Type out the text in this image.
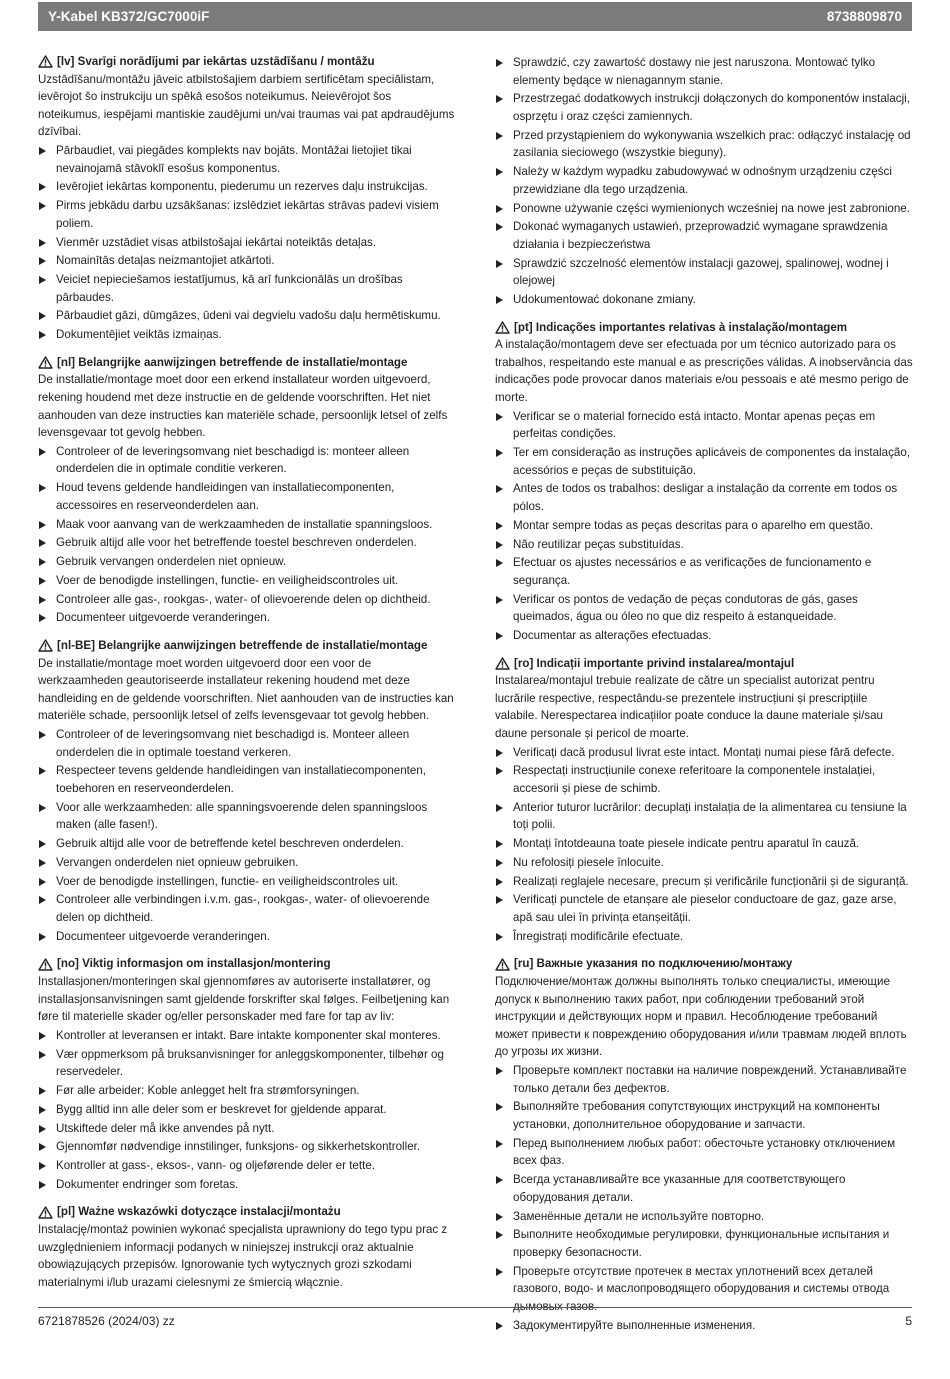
Y-Kabel KB372/GC7000iF	8738809870
[lv] Svarīgi norādījumi par iekārtas uzstādīšanu / montāžu

Uzstādīšanu/montāžu jāveic atbilstošajiem darbiem sertificētam speciālistam, ievērojot šo instrukciju un spēkā esošos noteikumus. Neievērojot šos noteikumus, iespējami mantiskie zaudējumi un/vai traumas vai pat apdraudējums dzīvībai.

Pārbaudiet, vai piegādes komplekts nav bojāts. Montāžai lietojiet tikai nevainojamā stāvoklī esošus komponentus.
Ievērojiet iekārtas komponentu, piederumu un rezerves daļu instrukcijas.
Pirms jebkādu darbu uzsākšanas: izslēdziet iekārtas strāvas padevi visiem poliem.
Vienmēr uzstādiet visas atbilstošajai iekārtai noteiktās detaļas.
Nomainītās detaļas neizmantojiet atkārtoti.
Veiciet nepieciešamos iestatījumus, kā arī funkcionālās un drošības pārbaudes.
Pārbaudiet gāzi, dūmgāzes, ūdeni vai degvielu vadošu daļu hermētiskumu.
Dokumentējiet veiktās izmaiņas.
[nl] Belangrijke aanwijzingen betreffende de installatie/montage

De installatie/montage moet door een erkend installateur worden uitgevoerd, rekening houdend met deze instructie en de geldende voorschriften. Het niet aanhouden van deze instructies kan materiële schade, persoonlijk letsel of zelfs levensgevaar tot gevolg hebben.

Controleer of de leveringsomvang niet beschadigd is: monteer alleen onderdelen die in optimale conditie verkeren.
Houd tevens geldende handleidingen van installatiecomponenten, accessoires en reserveonderdelen aan.
Maak voor aanvang van de werkzaamheden de installatie spanningsloos.
Gebruik altijd alle voor het betreffende toestel beschreven onderdelen.
Gebruik vervangen onderdelen niet opnieuw.
Voer de benodigde instellingen, functie- en veiligheidscontroles uit.
Controleer alle gas-, rookgas-, water- of olievoerende delen op dichtheid.
Documenteer uitgevoerde veranderingen.
[nl-BE] Belangrijke aanwijzingen betreffende de installatie/montage

De installatie/montage moet worden uitgevoerd door een voor de werkzaamheden geautoriseerde installateur rekening houdend met deze handleiding en de geldende voorschriften. Niet aanhouden van de instructies kan materiële schade, persoonlijk letsel of zelfs levensgevaar tot gevolg hebben.

Controleer of de leveringsomvang niet beschadigd is. Monteer alleen onderdelen die in optimale toestand verkeren.
Respecteer tevens geldende handleidingen van installatiecomponenten, toebehoren en reserveonderdelen.
Voor alle werkzaamheden: alle spanningsvoerende delen spanningsloos maken (alle fasen!).
Gebruik altijd alle voor de betreffende ketel beschreven onderdelen.
Vervangen onderdelen niet opnieuw gebruiken.
Voer de benodigde instellingen, functie- en veiligheidscontroles uit.
Controleer alle verbindingen i.v.m. gas-, rookgas-, water- of olievoerende delen op dichtheid.
Documenteer uitgevoerde veranderingen.
[no] Viktig informasjon om installasjon/montering

Installasjonen/monteringen skal gjennomføres av autoriserte installatører, og installasjonsanvisningen samt gjeldende forskrifter skal følges. Feilbetjening kan føre til materielle skader og/eller personskader med fare for tap av liv:

Kontroller at leveransen er intakt. Bare intakte komponenter skal monteres.
Vær oppmerksom på bruksanvisninger for anleggskomponenter, tilbehør og reservedeler.
Før alle arbeider: Koble anlegget helt fra strømforsyningen.
Bygg alltid inn alle deler som er beskrevet for gjeldende apparat.
Utskiftede deler må ikke anvendes på nytt.
Gjennomfør nødvendige innstilinger, funksjons- og sikkerhetskontroller.
Kontroller at gass-, eksos-, vann- og oljeførende deler er tette.
Dokumenter endringer som foretas.
[pl] Ważne wskazówki dotyczące instalacji/montażu

Instalację/montaż powinien wykonać specjalista uprawniony do tego typu prac z uwzględnieniem informacji podanych w niniejszej instrukcji oraz aktualnie obowiązujących przepisów. Ignorowanie tych wytycznych grozi szkodami materialnymi i/lub urazami cielesnymi ze śmiercią włącznie.

Sprawdzić, czy zawartość dostawy nie jest naruszona. Montować tylko elementy będące w nienagannym stanie.
Przestrzegać dodatkowych instrukcji dołączonych do komponentów instalacji, osprzętu i oraz części zamiennych.
Przed przystąpieniem do wykonywania wszelkich prac: odłączyć instalację od zasilania sieciowego (wszystkie bieguny).
Należy w każdym wypadku zabudowywać w odnośnym urządzeniu części przewidziane dla tego urządzenia.
Ponowne używanie części wymienionych wcześniej na nowe jest zabronione.
Dokonać wymaganych ustawień, przeprowadzić wymagane sprawdzenia działania i bezpieczeństwa
Sprawdzić szczelność elementów instalacji gazowej, spalinowej, wodnej i olejowej
Udokumentować dokonane zmiany.
[pt] Indicações importantes relativas à instalação/montagem

A instalação/montagem deve ser efectuada por um técnico autorizado para os trabalhos, respeitando este manual e as prescrições válidas. A inobservância das indicações pode provocar danos materiais e/ou pessoais e até mesmo perigo de morte.

Verificar se o material fornecido está intacto. Montar apenas peças em perfeitas condições.
Ter em consideração as instruções aplicáveis de componentes da instalação, acessórios e peças de substituição.
Antes de todos os trabalhos: desligar a instalação da corrente em todos os pólos.
Montar sempre todas as peças descritas para o aparelho em questão.
Não reutilizar peças substituídas.
Efectuar os ajustes necessários e as verificações de funcionamento e segurança.
Verificar os pontos de vedação de peças condutoras de gás, gases queimados, água ou óleo no que diz respeito à estanqueidade.
Documentar as alterações efectuadas.
[ro] Indicații importante privind instalarea/montajul

Instalarea/montajul trebuie realizate de către un specialist autorizat pentru lucrările respective, respectându-se prezentele instrucțiuni și prescripțiile valabile. Nerespectarea indicațiilor poate conduce la daune materiale și/sau daune personale și pericol de moarte.

Verificați dacă produsul livrat este intact. Montați numai piese fără defecte.
Respectați instrucțiunile conexe referitoare la componentele instalației, accesorii și piese de schimb.
Anterior tuturor lucrărilor: decuplați instalația de la alimentarea cu tensiune la toți polii.
Montați întotdeauna toate piesele indicate pentru aparatul în cauză.
Nu refolosiți piesele înlocuite.
Realizați reglajele necesare, precum și verificările funcționării și de siguranță.
Verificați punctele de etanșare ale pieselor conductoare de gaz, gaze arse, apă sau ulei în privința etanșeității.
Înregistrați modificările efectuate.
[ru] Важные указания по подключению/монтажу

Подключение/монтаж должны выполнять только специалисты, имеющие допуск к выполнению таких работ, при соблюдении требований этой инструкции и действующих норм и правил. Несоблюдение требований может привести к повреждению оборудования и/или травмам людей вплоть до угрозы их жизни.

Проверьте комплект поставки на наличие повреждений. Устанавливайте только детали без дефектов.
Выполняйте требования сопутствующих инструкций на компоненты установки, дополнительное оборудование и запчасти.
Перед выполнением любых работ: обесточьте установку отключением всех фаз.
Всегда устанавливайте все указанные для соответствующего оборудования детали.
Заменённые детали не используйте повторно.
Выполните необходимые регулировки, функциональные испытания и проверку безопасности.
Проверьте отсутствие протечек в местах уплотнений всех деталей газового, водо- и маслопроводящего оборудования и системы отвода
Задокументируйте выполненные изменения.
6721878526 (2024/03) zz	5
